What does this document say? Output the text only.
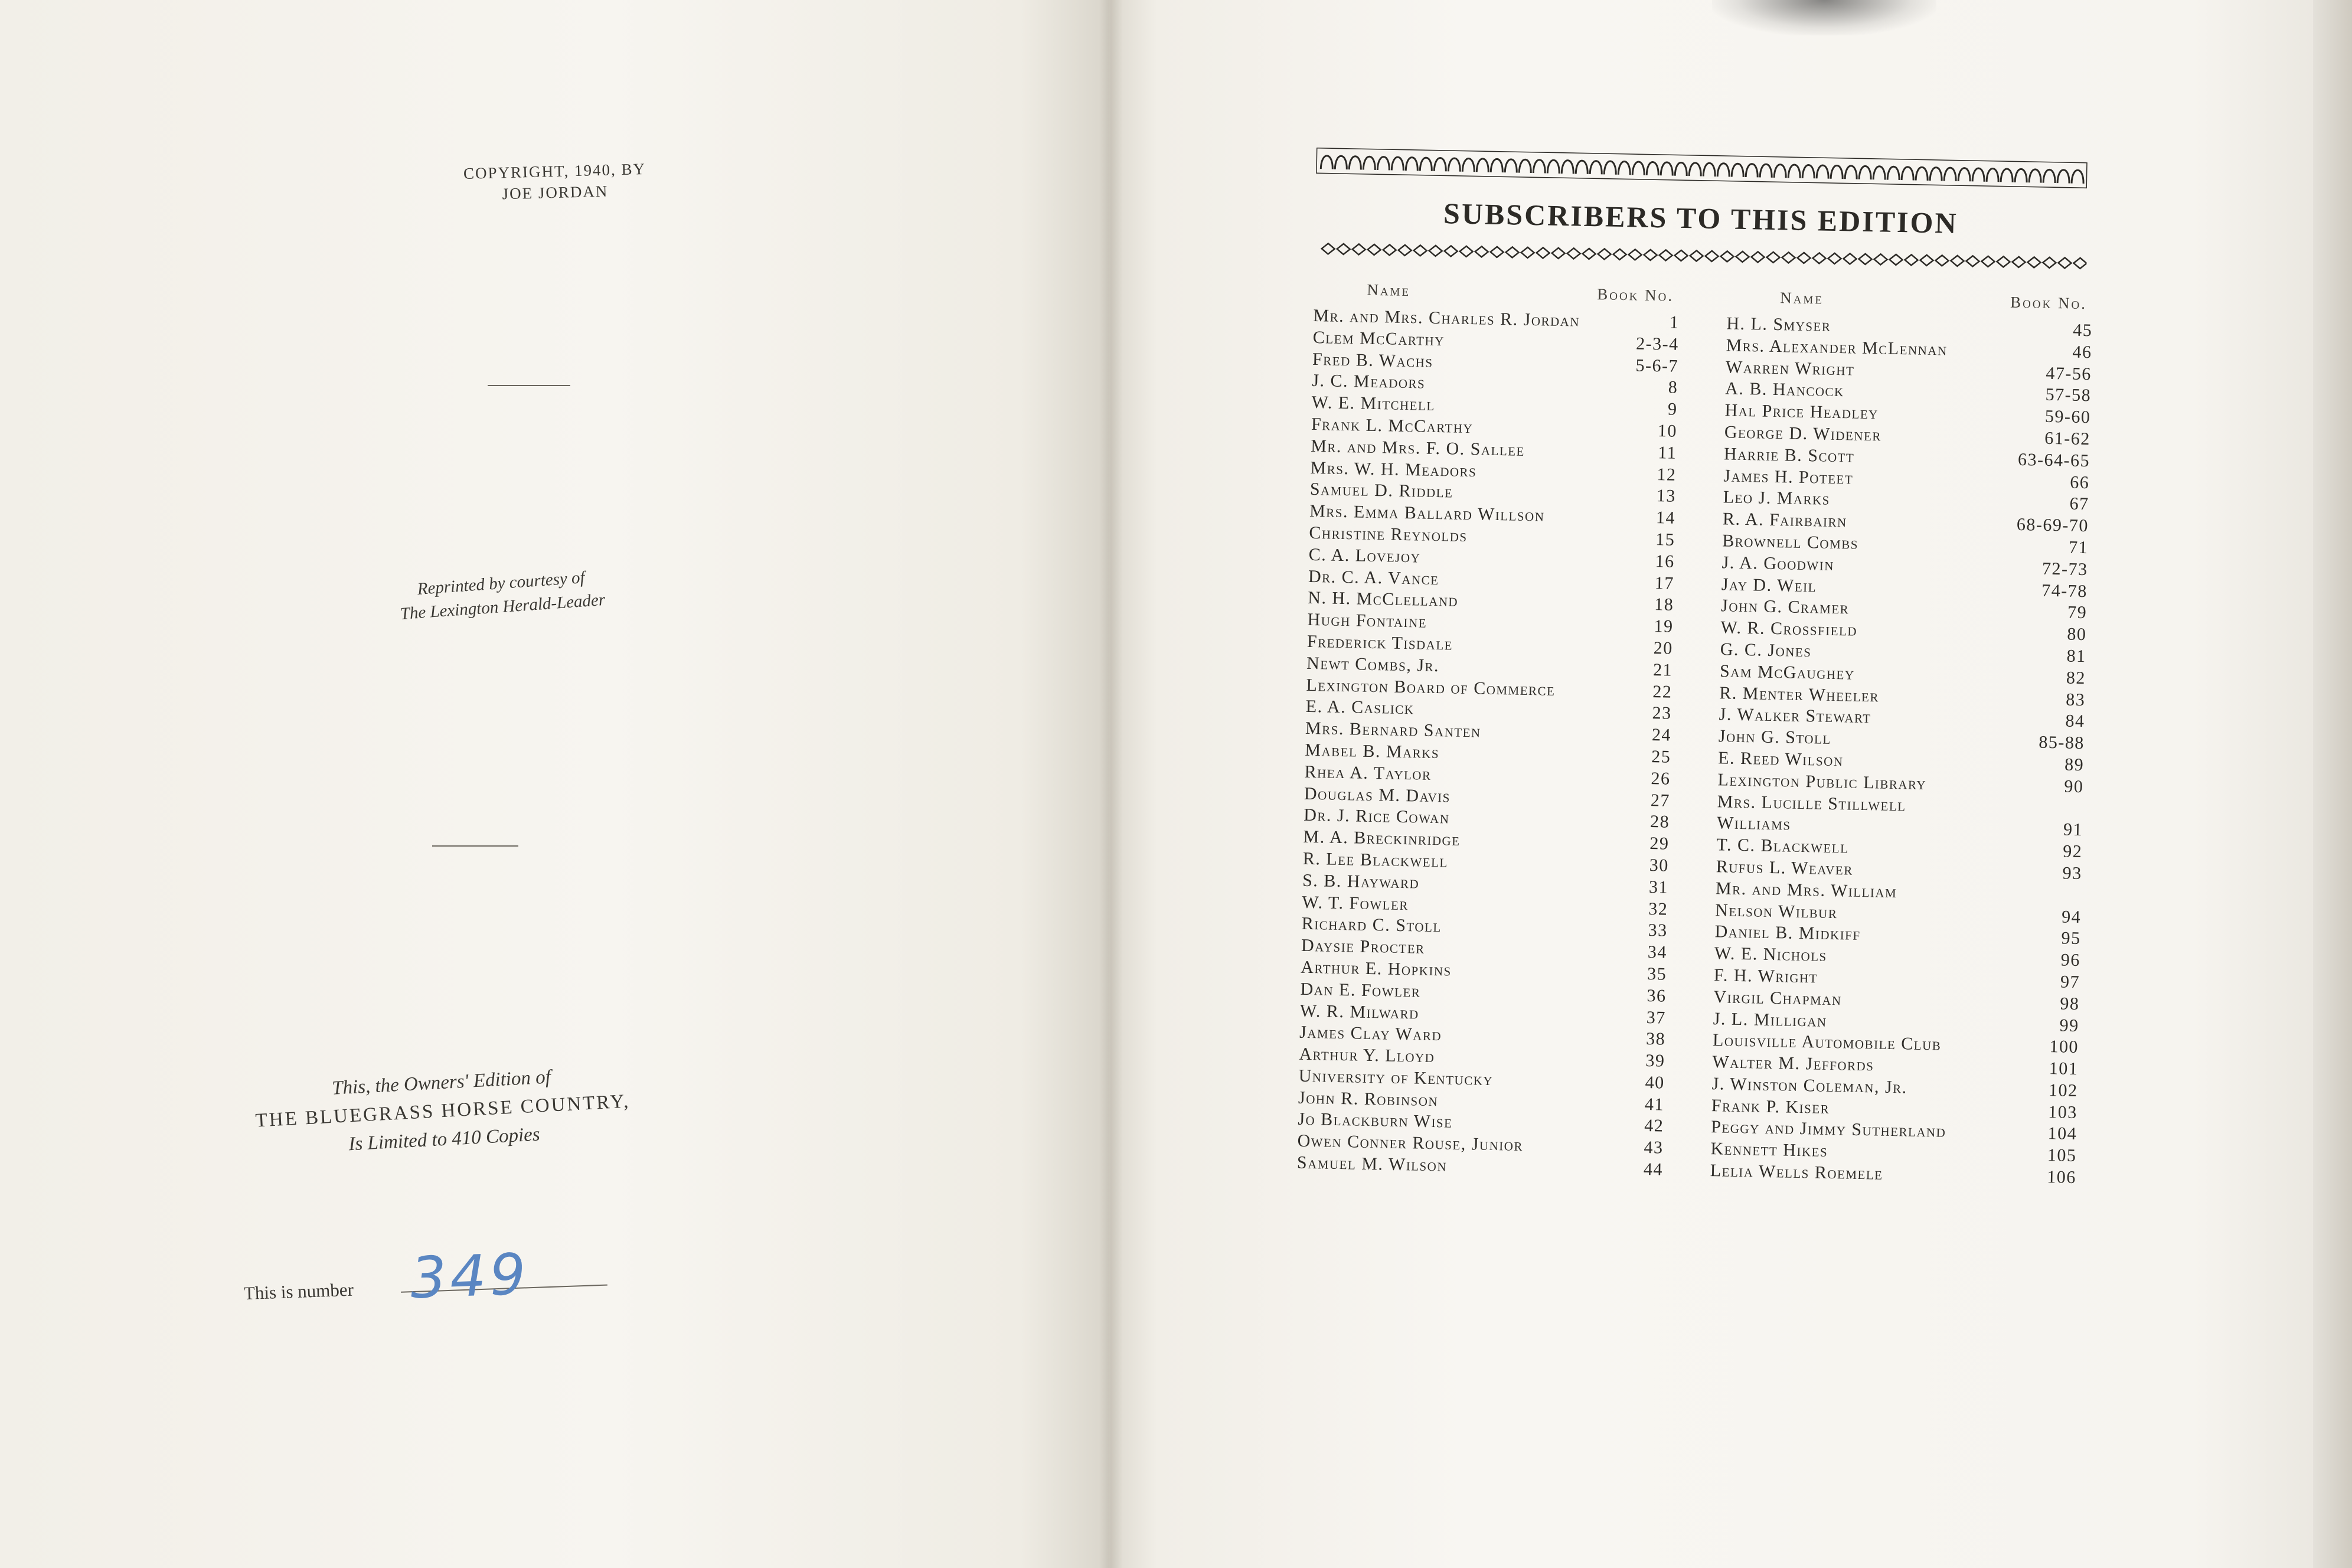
COPYRIGHT, 1940, BY
JOE JORDAN
Reprinted by courtesy of
The Lexington Herald-Leader
This, the Owners' Edition of
THE BLUEGRASS HORSE COUNTRY,
Is Limited to 410 Copies
This is number 349
SUBSCRIBERS TO THIS EDITION
Name	Book No.	Name	Book No.
Mr. and Mrs. Charles R. Jordan	1
Clem McCarthy	2-3-4
Fred B. Wachs	5-6-7
J. C. Meadors	8
W. E. Mitchell	9
Frank L. McCarthy	10
Mr. and Mrs. F. O. Sallee	11
Mrs. W. H. Meadors	12
Samuel D. Riddle	13
Mrs. Emma Ballard Willson	14
Christine Reynolds	15
C. A. Lovejoy	16
Dr. C. A. Vance	17
N. H. McClelland	18
Hugh Fontaine	19
Frederick Tisdale	20
Newt Combs, Jr.	21
Lexington Board of Commerce	22
E. A. Caslick	23
Mrs. Bernard Santen	24
Mabel B. Marks	25
Rhea A. Taylor	26
Douglas M. Davis	27
Dr. J. Rice Cowan	28
M. A. Breckinridge	29
R. Lee Blackwell	30
S. B. Hayward	31
W. T. Fowler	32
Richard C. Stoll	33
Daysie Procter	34
Arthur E. Hopkins	35
Dan E. Fowler	36
W. R. Milward	37
James Clay Ward	38
Arthur Y. Lloyd	39
University of Kentucky	40
John R. Robinson	41
Jo Blackburn Wise	42
Owen Conner Rouse, Junior	43
Samuel M. Wilson	44
H. L. Smyser	45
Mrs. Alexander McLennan	46
Warren Wright	47-56
A. B. Hancock	57-58
Hal Price Headley	59-60
George D. Widener	61-62
Harrie B. Scott	63-64-65
James H. Poteet	66
Leo J. Marks	67
R. A. Fairbairn	68-69-70
Brownell Combs	71
J. A. Goodwin	72-73
Jay D. Weil	74-78
John G. Cramer	79
W. R. Crossfield	80
G. C. Jones	81
Sam McGaughey	82
R. Menter Wheeler	83
J. Walker Stewart	84
John G. Stoll	85-88
E. Reed Wilson	89
Lexington Public Library	90
Mrs. Lucille Stillwell
Williams	91
T. C. Blackwell	92
Rufus L. Weaver	93
Mr. and Mrs. William
Nelson Wilbur	94
Daniel B. Midkiff	95
W. E. Nichols	96
F. H. Wright	97
Virgil Chapman	98
J. L. Milligan	99
Louisville Automobile Club	100
Walter M. Jeffords	101
J. Winston Coleman, Jr.	102
Frank P. Kiser	103
Peggy and Jimmy Sutherland	104
Kennett Hikes	105
Lelia Wells Roemele	106
